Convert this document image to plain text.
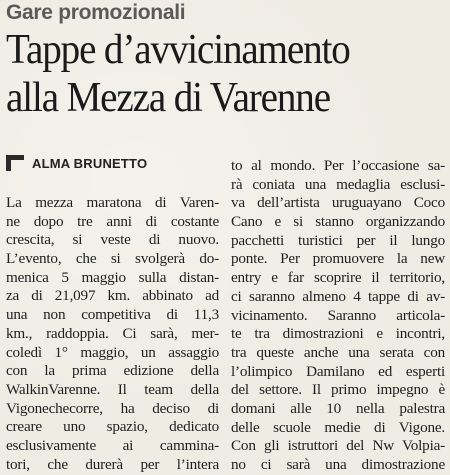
Gare promozionali
Tappe d’avvicinamento
alla Mezza di Varenne
ALMA BRUNETTO
La mezza maratona di Varen-
ne dopo tre anni di costante
crescita, si veste di nuovo.
L’evento, che si svolgerà do-
menica 5 maggio sulla distan-
za di 21,097 km. abbinato ad
una non competitiva di 11,3
km., raddoppia. Ci sarà, mer-
coledì 1° maggio, un assaggio
con la prima edizione della
WalkinVarenne. Il team della
Vigonechecorre, ha deciso di
creare uno spazio, dedicato
esclusivamente ai cammina-
tori, che durerà per l’intera
to al mondo. Per l’occasione sa-
rà coniata una medaglia esclusi-
va dell’artista uruguayano Coco
Cano e si stanno organizzando
pacchetti turistici per il lungo
ponte. Per promuovere la new
entry e far scoprire il territorio,
ci saranno almeno 4 tappe di av-
vicinamento. Saranno articola-
te tra dimostrazioni e incontri,
tra queste anche una serata con
l’olimpico Damilano ed esperti
del settore. Il primo impegno è
domani alle 10 nella palestra
delle scuole medie di Vigone.
Con gli istruttori del Nw Volpia-
no ci sarà una dimostrazione
